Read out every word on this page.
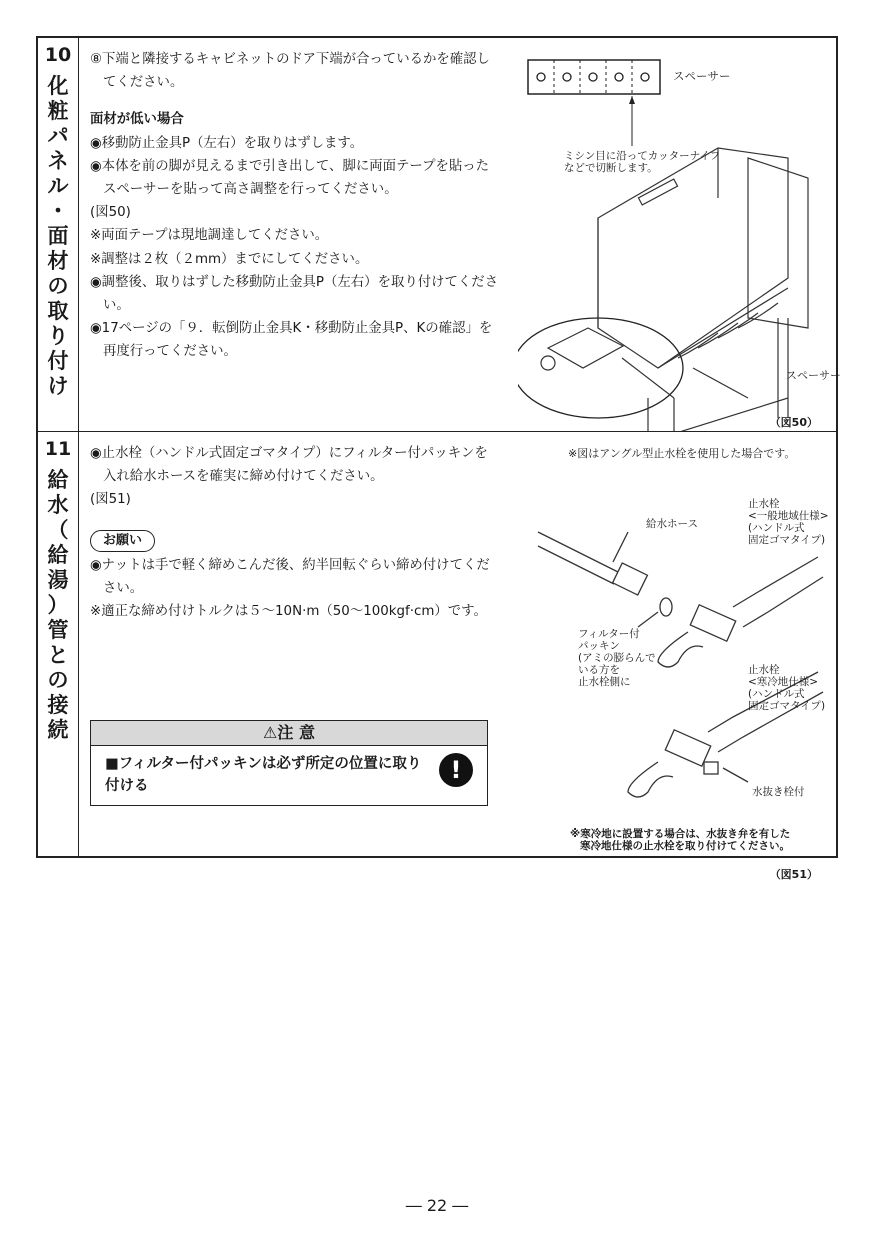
10
化
粧
パ
ネ
ル
・
面
材
の
取
り
付
け

⑧下端と隣接するキャビネットのドア下端が合っているかを確認してください。

面材が低い場合

◉移動防止金具P（左右）を取りはずします。

◉本体を前の脚が見えるまで引き出して、脚に両面テープを貼ったスペーサーを貼って高さ調整を行ってください。

(図50)

※両面テープは現地調達してください。

※調整は２枚（２mm）までにしてください。

◉調整後、取りはずした移動防止金具P（左右）を取り付けてください。

◉17ページの「９．転倒防止金具K・移動防止金具P、Kの確認」を再度行ってください。

スペーサー
ミシン目に沿ってカッターナイフ
などで切断します。
スペーサー
（図50）
11
給
水
（
給
湯
）
管
と
の
接
続

◉止水栓（ハンドル式固定ゴマタイプ）にフィルター付パッキンを入れ給水ホースを確実に締め付けてください。

(図51)

お願い

◉ナットは手で軽く締めこんだ後、約半回転ぐらい締め付けてください。

※適正な締め付けトルクは５～10N·m（50～100kgf·cm）です。

⚠注 意
■フィルター付パッキンは必ず所定の位置に取り付ける
!
※図はアングル型止水栓を使用した場合です。
給水ホース
止水栓
<一般地域仕様>
(ハンドル式
固定ゴマタイプ)
フィルター付
パッキン
(アミの膨らんで
いる方を
止水栓側に
止水栓
<寒冷地仕様>
(ハンドル式
固定ゴマタイプ)
水抜き栓付
※寒冷地に設置する場合は、水抜き弁を有した
寒冷地仕様の止水栓を取り付けてください。
（図51）
― 22 ―
